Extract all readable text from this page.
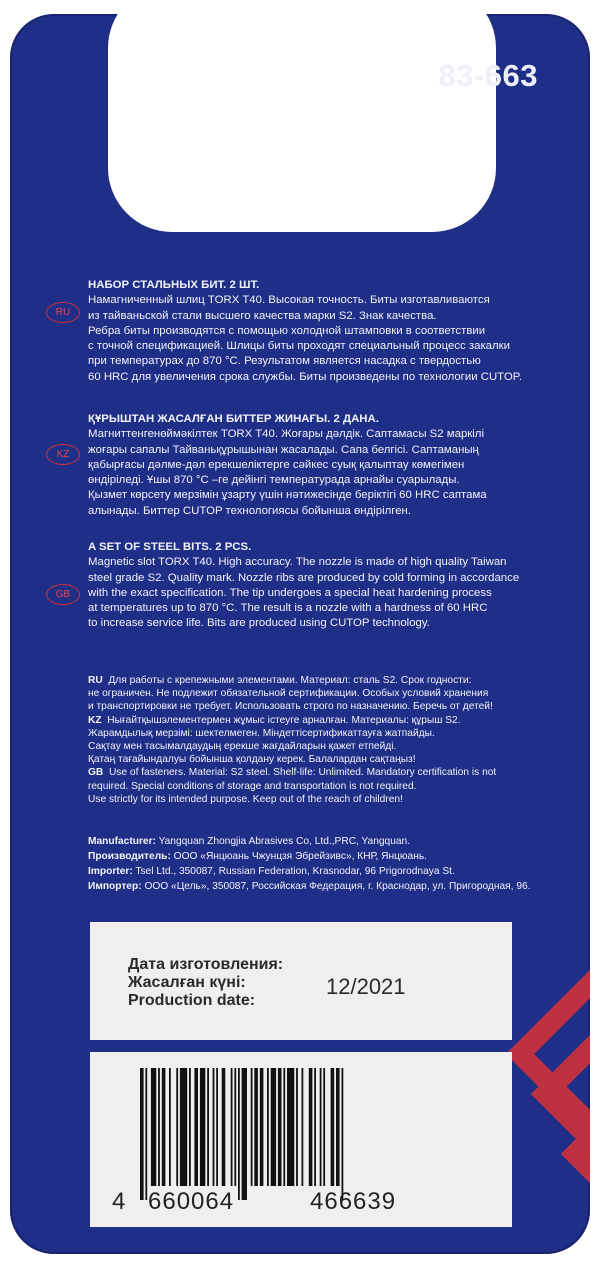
83-663
RU

НАБОР СТАЛЬНЫХ БИТ. 2 ШТ.

Намагниченный шлиц TORX T40. Высокая точность. Биты изготавливаются

из тайваньской стали высшего качества марки S2. Знак качества.

Ребра биты производятся с помощью холодной штамповки в соответствии

с точной спецификацией. Шлицы биты проходят специальный процесс закалки

при температурах до 870 °C. Результатом является насадка с твердостью

60 HRC для увеличения срока службы. Биты произведены по технологии CUTOP.

KZ

ҚҰРЫШТАН ЖАСАЛҒАН БИТТЕР ЖИНАҒЫ. 2 ДАНА.

Магниттенгенөймәкілтек TORX T40. Жоғары дәлдік. Саптамасы S2 маркілі

жоғары сапалы Тайваньқұрышынан жасалады. Сапа белгісі. Саптаманың

қабырғасы дәлме-дәл ерекшеліктерге сәйкес суық қалыптау көмегімен

өндіріледі. Ұшы 870 °C –ге дейінгі температурада арнайы суарылады.

Қызмет көрсету мерзімін ұзарту үшін нәтижесінде беріктігі 60 HRC саптама

алынады. Биттер CUTOP технологиясы бойынша өндірілген.

GB

A SET OF STEEL BITS. 2 PCS.

Magnetic slot TORX T40. High accuracy. The nozzle is made of high quality Taiwan

steel grade S2. Quality mark. Nozzle ribs are produced by cold forming in accordance

with the exact specification. The tip undergoes a special heat hardening process

at temperatures up to 870 °C. The result is a nozzle with a hardness of 60 HRC

to increase service life. Bits are produced using CUTOP technology.

RU Для работы с крепежными элементами. Материал: сталь S2. Срок годности:

не ограничен. Не подлежит обязательной сертификации. Особых условий хранения

и транспортировки не требует. Использовать строго по назначению. Беречь от детей!

KZ Нығайтқышэлементермен жұмыс істеуге арналған. Материалы: құрыш S2.

Жарамдылық мерзімі: шектелмеген. Міндеттісертификаттауға жатпайды.

Сақтау мен тасымалдаудың ерекше жағдайларын қажет етпейді.

Қатаң тағайындалуы бойынша қолдану керек. Балалардан сақтаңыз!

GB Use of fasteners. Material: S2 steel. Shelf-life: Unlimited. Mandatory certification is not

required. Special conditions of storage and transportation is not required.

Use strictly for its intended purpose. Keep out of the reach of children!

Manufacturer: Yangquan Zhongjia Abrasives Co, Ltd.,PRC, Yangquan.

Производитель: ООО «Янцюань Чжунцзя Эбрейзивс», КНР, Янцюань.

Importer: Tsel Ltd., 350087, Russian Federation, Krasnodar, 96 Prigorodnaya St.

Импортер: ООО «Цель», 350087, Российская Федерация, г. Краснодар, ул. Пригородная, 96.

Дата изготовления:
Жасалған күні:
Production date:
12/2021
4 660064	466639
